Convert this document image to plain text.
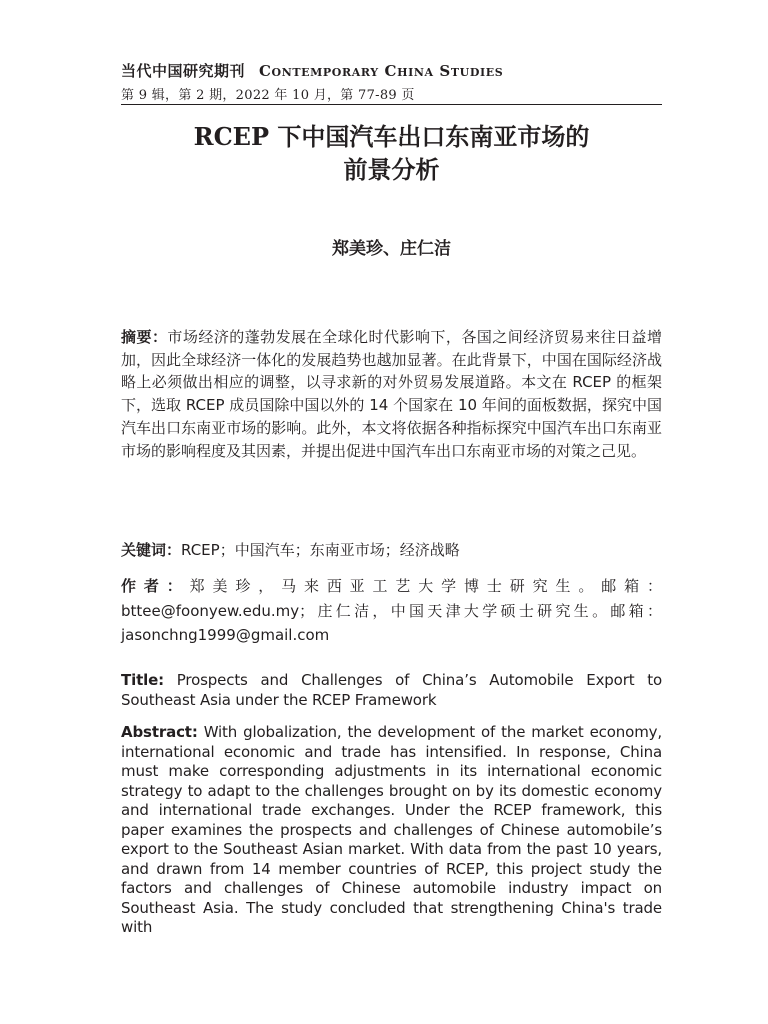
当代中国研究期刊 Contemporary China Studies
第 9 辑，第 2 期，2022 年 10 月，第 77-89 页
RCEP 下中国汽车出口东南亚市场的
前景分析
郑美珍、庄仁洁
摘要：市场经济的蓬勃发展在全球化时代影响下，各国之间经济贸易来往日益增加，因此全球经济一体化的发展趋势也越加显著。在此背景下，中国在国际经济战略上必须做出相应的调整，以寻求新的对外贸易发展道路。本文在 RCEP 的框架下，选取 RCEP 成员国除中国以外的 14 个国家在 10 年间的面板数据，探究中国汽车出口东南亚市场的影响。此外，本文将依据各种指标探究中国汽车出口东南亚市场的影响程度及其因素，并提出促进中国汽车出口东南亚市场的对策之己见。
关键词：RCEP；中国汽车；东南亚市场；经济战略
作者：郑美珍，马来西亚工艺大学博士研究生。邮箱：bttee@foonyew.edu.my；庄仁洁，中国天津大学硕士研究生。邮箱：jasonchng1999@gmail.com
Title: Prospects and Challenges of China’s Automobile Export to Southeast Asia under the RCEP Framework
Abstract: With globalization, the development of the market economy, international economic and trade has intensified. In response, China must make corresponding adjustments in its international economic strategy to adapt to the challenges brought on by its domestic economy and international trade exchanges. Under the RCEP framework, this paper examines the prospects and challenges of Chinese automobile’s export to the Southeast Asian market. With data from the past 10 years, and drawn from 14 member countries of RCEP, this project study the factors and challenges of Chinese automobile industry impact on Southeast Asia. The study concluded that strengthening China's trade with
